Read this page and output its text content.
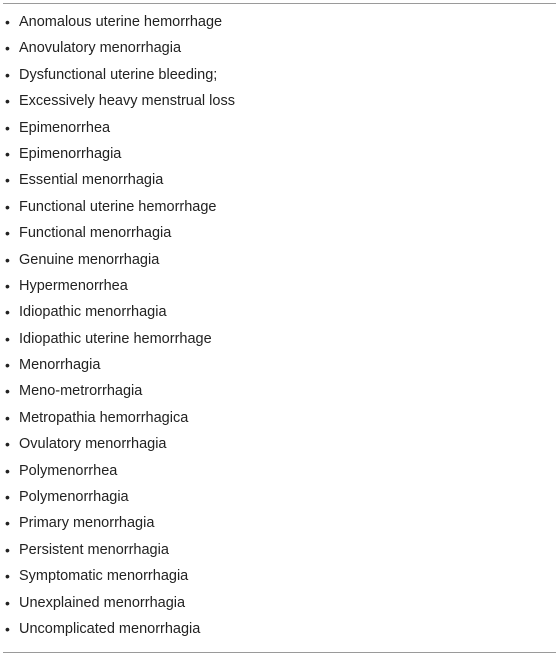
• Anomalous uterine hemorrhage
• Anovulatory menorrhagia
• Dysfunctional uterine bleeding;
• Excessively heavy menstrual loss
• Epimenorrhea
• Epimenorrhagia
• Essential menorrhagia
• Functional uterine hemorrhage
• Functional menorrhagia
• Genuine menorrhagia
• Hypermenorrhea
• Idiopathic menorrhagia
• Idiopathic uterine hemorrhage
• Menorrhagia
• Meno-metrorrhagia
• Metropathia hemorrhagica
• Ovulatory menorrhagia
• Polymenorrhea
• Polymenorrhagia
• Primary menorrhagia
• Persistent menorrhagia
• Symptomatic menorrhagia
• Unexplained menorrhagia
• Uncomplicated menorrhagia
